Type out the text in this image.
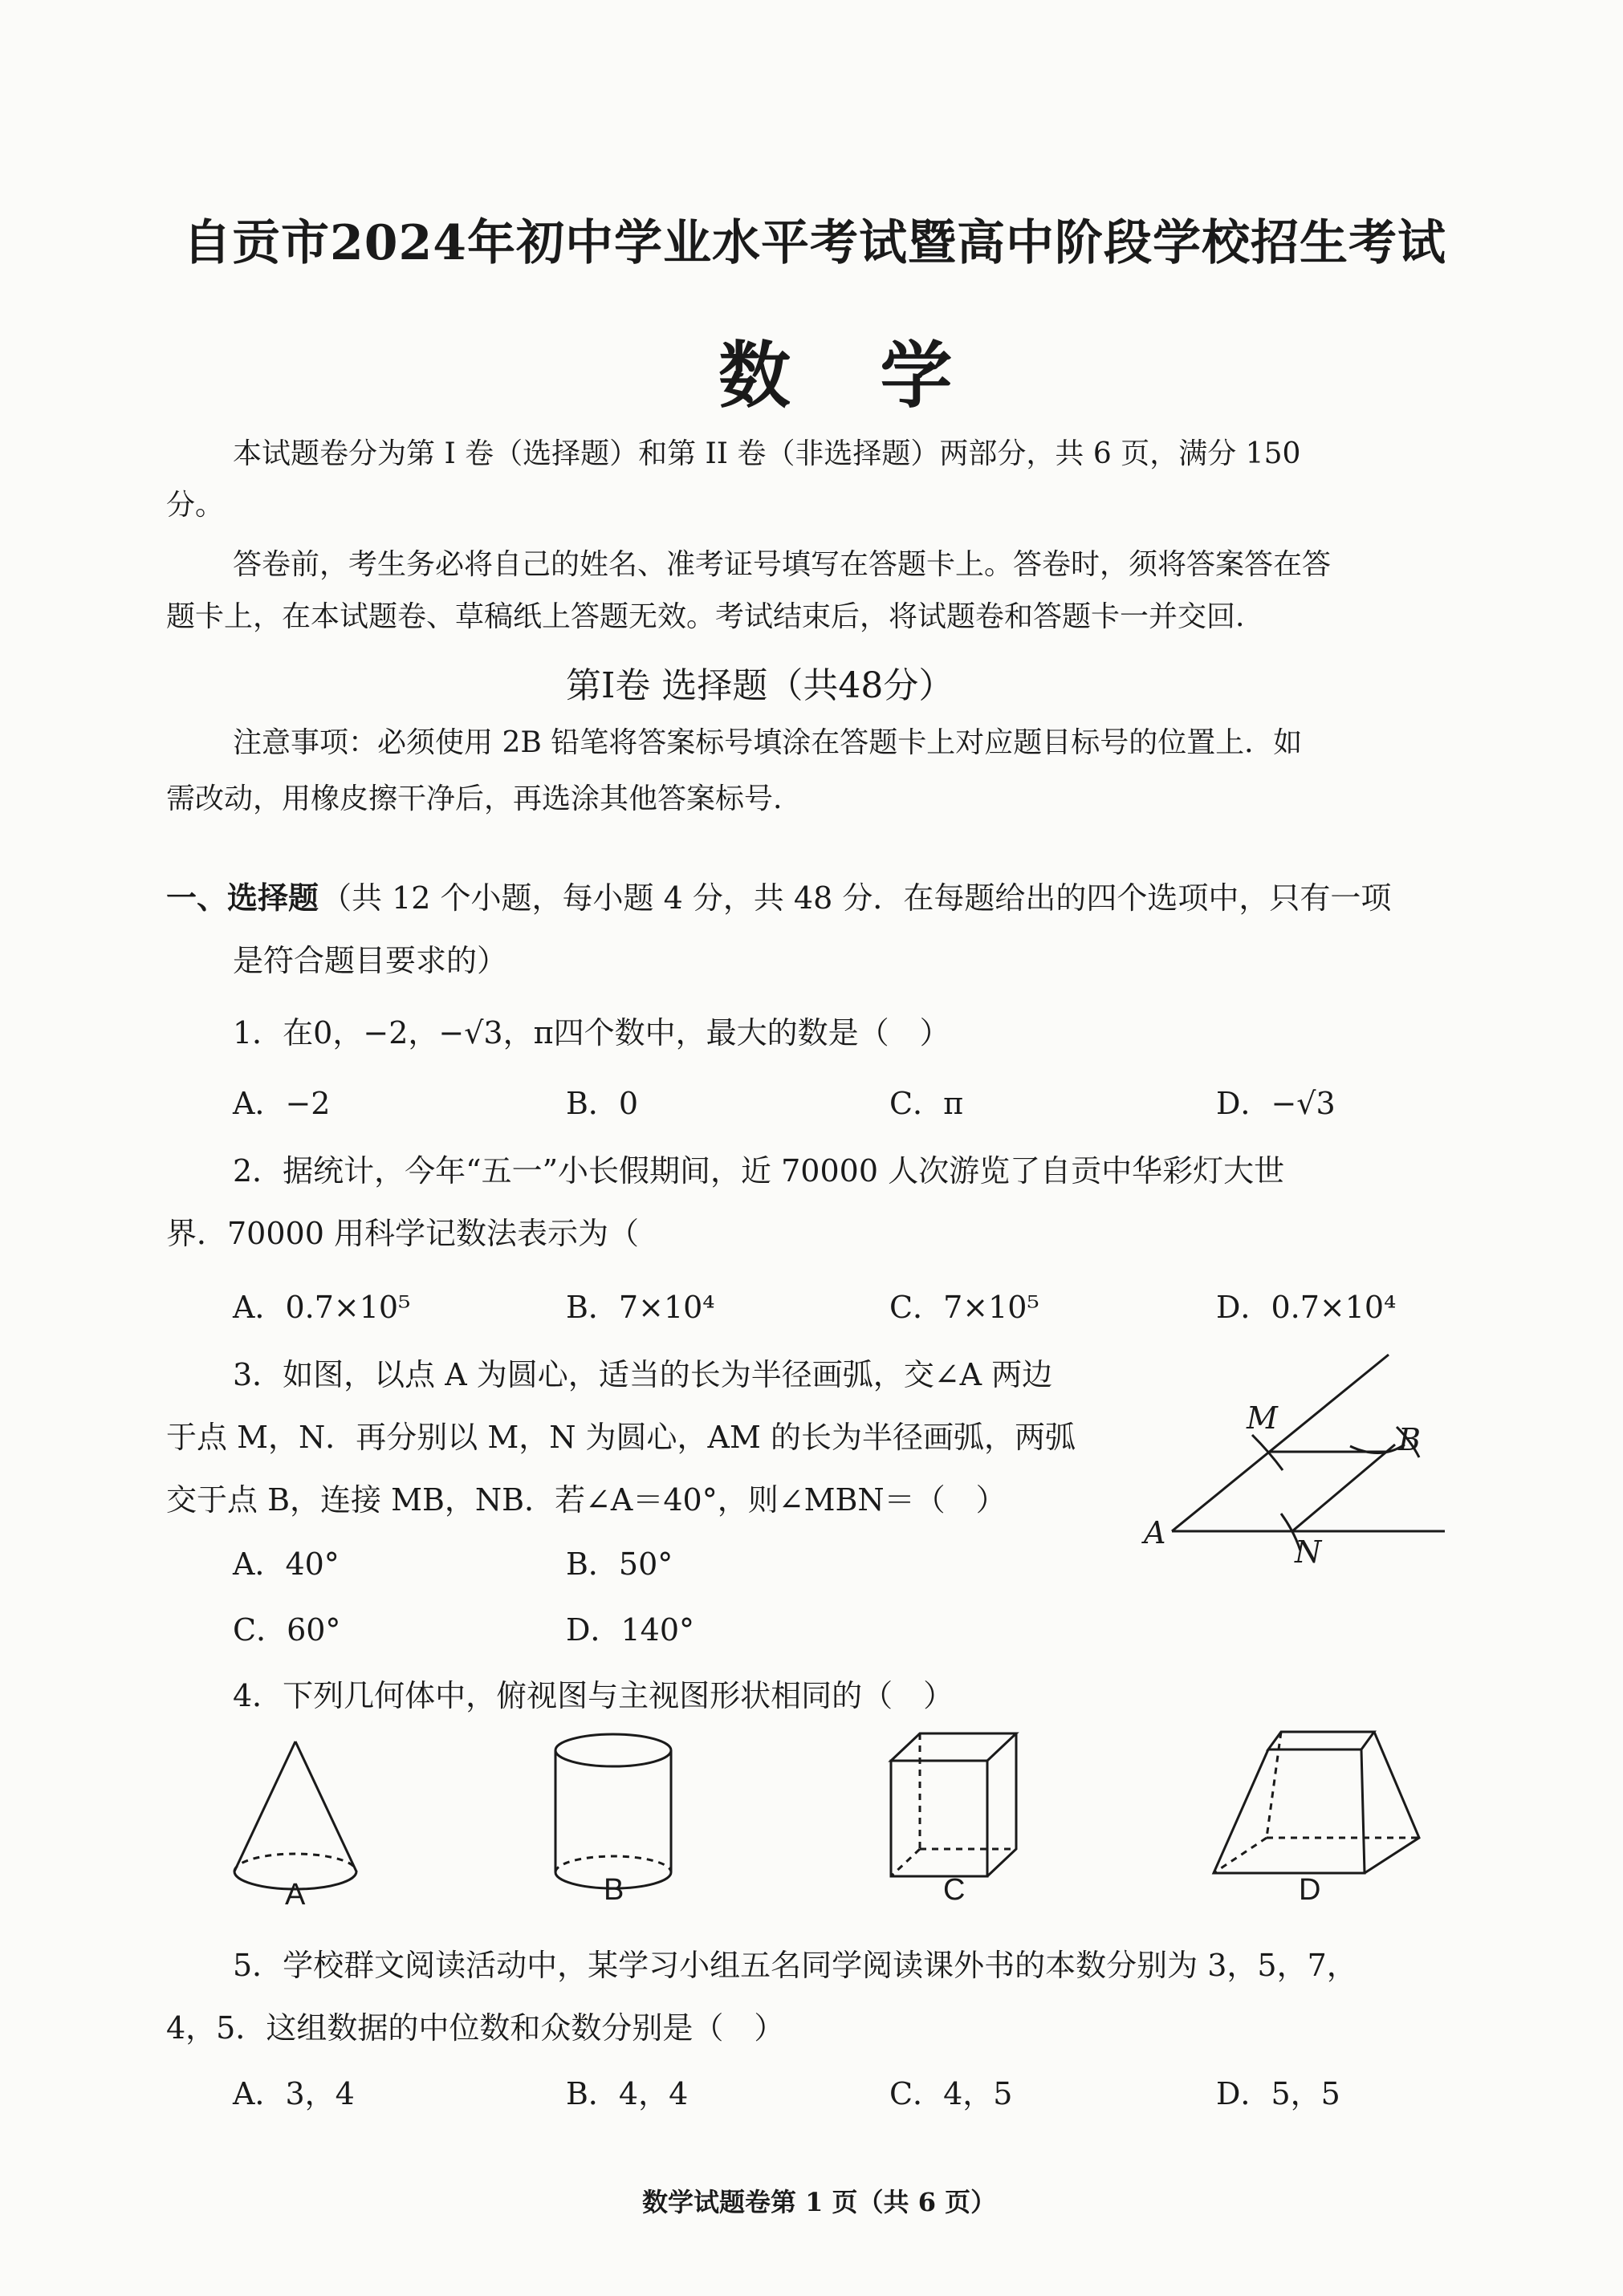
自贡市2024年初中学业水平考试暨高中阶段学校招生考试
数 学
本试题卷分为第 I 卷（选择题）和第 II 卷（非选择题）两部分，共 6 页，满分 150
分。
答卷前，考生务必将自己的姓名、准考证号填写在答题卡上。答卷时，须将答案答在答
题卡上，在本试题卷、草稿纸上答题无效。考试结束后，将试题卷和答题卡一并交回.
第I卷 选择题（共48分）
注意事项：必须使用 2B 铅笔将答案标号填涂在答题卡上对应题目标号的位置上．如
需改动，用橡皮擦干净后，再选涂其他答案标号.
一、选择题 （共 12 个小题，每小题 4 分，共 48 分．在每题给出的四个选项中，只有一项
是符合题目要求的）
1．在0，−2，−√3，π四个数中，最大的数是（　）
A．−2	B．0	C．π	D．−√3
2．据统计，今年“五一”小长假期间，近 70000 人次游览了自贡中华彩灯大世
界．70000 用科学记数法表示为（
A．0.7×10⁵	B．7×10⁴	C．7×10⁵	D．0.7×10⁴
3．如图，以点 A 为圆心，适当的长为半径画弧，交∠A 两边
于点 M，N．再分别以 M，N 为圆心，AM 的长为半径画弧，两弧
交于点 B，连接 MB，NB．若∠A＝40°，则∠MBN＝（　）
A．40°	B．50°
C．60°	D．140°
M
B
A
N
4．下列几何体中，俯视图与主视图形状相同的（　）
A	B	C	D
5．学校群文阅读活动中，某学习小组五名同学阅读课外书的本数分别为 3，5，7，
4，5．这组数据的中位数和众数分别是（　）
A．3，4	B．4，4	C．4，5	D．5，5
数学试题卷第 1 页（共 6 页）
